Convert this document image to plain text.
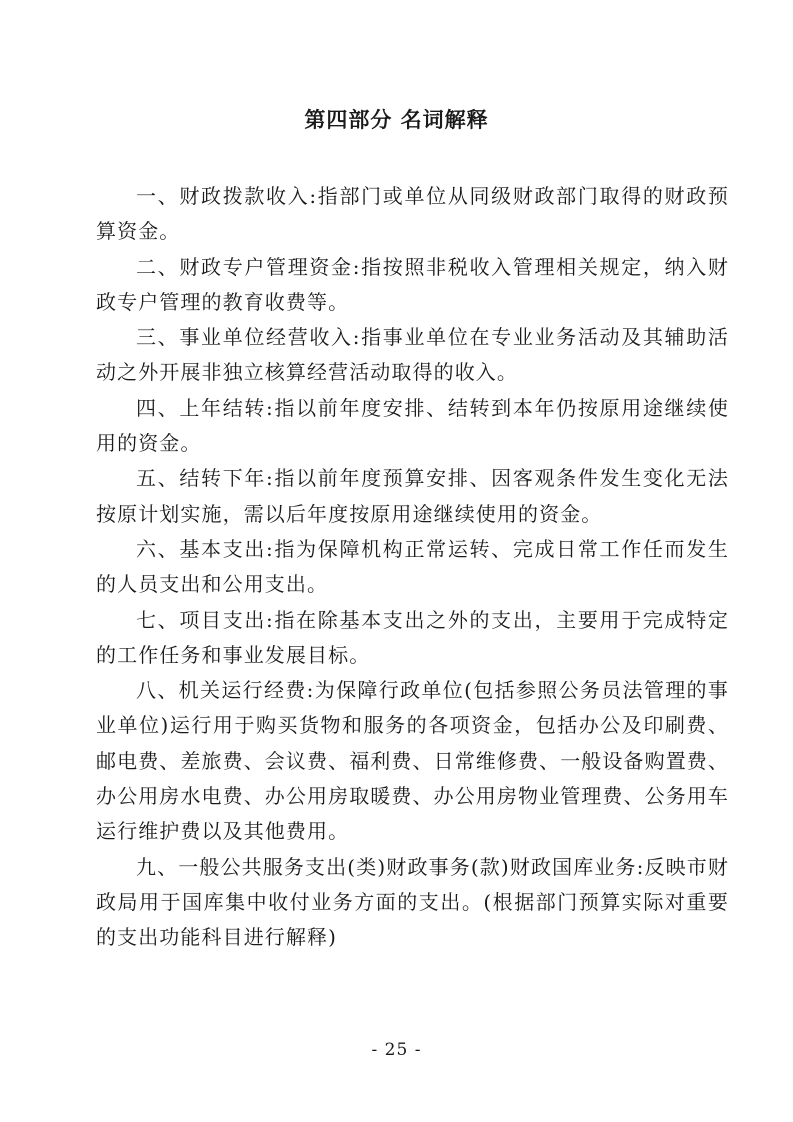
第四部分 名词解释

一、财政拨款收入:指部门或单位从同级财政部门取得的财政预算资金。

二、财政专户管理资金:指按照非税收入管理相关规定，纳入财政专户管理的教育收费等。

三、事业单位经营收入:指事业单位在专业业务活动及其辅助活动之外开展非独立核算经营活动取得的收入。

四、上年结转:指以前年度安排、结转到本年仍按原用途继续使用的资金。

五、结转下年:指以前年度预算安排、因客观条件发生变化无法按原计划实施，需以后年度按原用途继续使用的资金。

六、基本支出:指为保障机构正常运转、完成日常工作任而发生的人员支出和公用支出。

七、项目支出:指在除基本支出之外的支出，主要用于完成特定的工作任务和事业发展目标。

八、机关运行经费:为保障行政单位(包括参照公务员法管理的事业单位)运行用于购买货物和服务的各项资金，包括办公及印刷费、邮电费、差旅费、会议费、福利费、日常维修费、一般设备购置费、办公用房水电费、办公用房取暖费、办公用房物业管理费、公务用车运行维护费以及其他费用。

九、一般公共服务支出(类)财政事务(款)财政国库业务:反映市财政局用于国库集中收付业务方面的支出。(根据部门预算实际对重要的支出功能科目进行解释)

- 25 -
